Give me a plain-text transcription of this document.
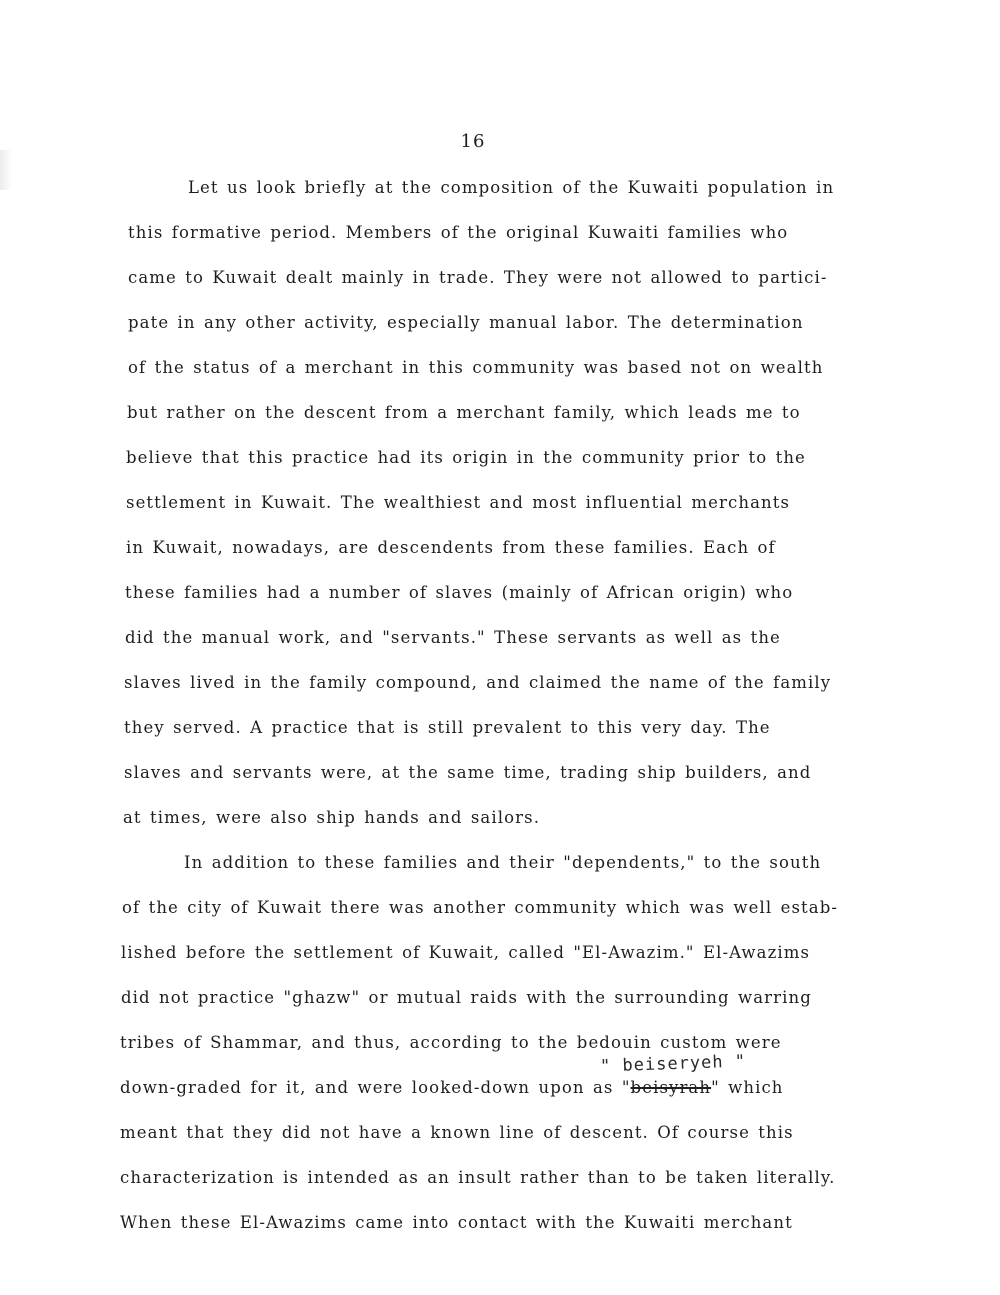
16
Let us look briefly at the composition of the Kuwaiti population in
this formative period. Members of the original Kuwaiti families who
came to Kuwait dealt mainly in trade. They were not allowed to partici-
pate in any other activity, especially manual labor. The determination
of the status of a merchant in this community was based not on wealth
but rather on the descent from a merchant family, which leads me to
believe that this practice had its origin in the community prior to the
settlement in Kuwait. The wealthiest and most influential merchants
in Kuwait, nowadays, are descendents from these families. Each of
these families had a number of slaves (mainly of African origin) who
did the manual work, and "servants." These servants as well as the
slaves lived in the family compound, and claimed the name of the family
they served. A practice that is still prevalent to this very day. The
slaves and servants were, at the same time, trading ship builders, and
at times, were also ship hands and sailors.
In addition to these families and their "dependents," to the south
of the city of Kuwait there was another community which was well estab-
lished before the settlement of Kuwait, called "El-Awazim." El-Awazims
did not practice "ghazw" or mutual raids with the surrounding warring
tribes of Shammar, and thus, according to the bedouin custom were
" beiseryeh "
down-graded for it, and were looked-down upon as "beisyrah" which
meant that they did not have a known line of descent. Of course this
characterization is intended as an insult rather than to be taken literally.
When these El-Awazims came into contact with the Kuwaiti merchant
